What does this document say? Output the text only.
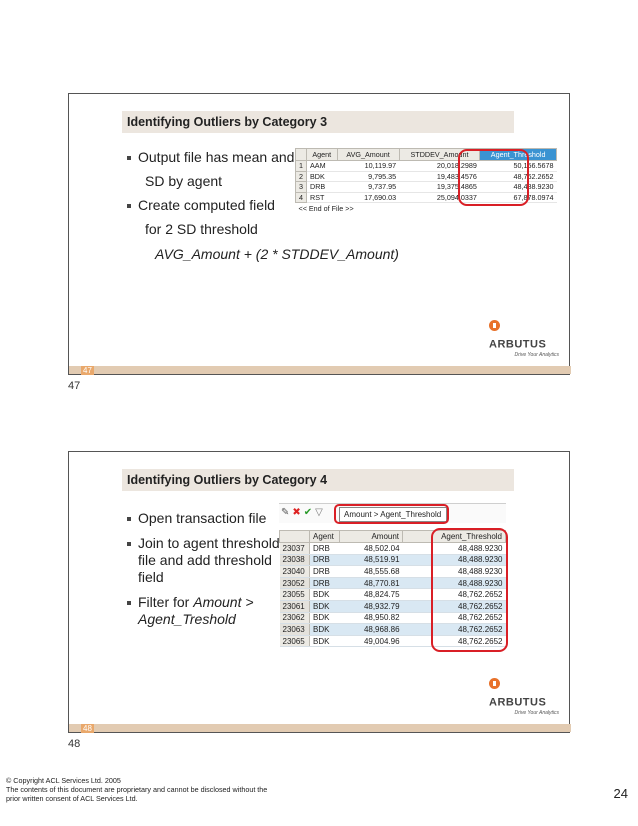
Identifying Outliers by Category 3
Output file has mean and
SD by agent
Create computed field
for 2 SD threshold
AVG_Amount + (2 * STDDEV_Amount)
	Agent	AVG_Amount	STDDEV_Amount	Agent_Threshold
1	AAM	10,119.97	20,018.2989	50,156.5678
2	BDK	9,795.35	19,483.4576	48,762.2652
3	DRB	9,737.95	19,375.4865	48,488.9230
4	RST	17,690.03	25,094.0337	67,878.0974
<< End of File >>				
ARBUTUS
Drive Your Analytics
47
47
Identifying Outliers by Category 4
Open transaction file
Join to agent threshold
file and add threshold
field
Filter for Amount >
Agent_Treshold
✎ ✖ ✔ ▽	Amount > Agent_Threshold
	Agent	Amount	Agent_Threshold
23037	DRB	48,502.04	48,488.9230
23038	DRB	48,519.91	48,488.9230
23040	DRB	48,555.68	48,488.9230
23052	DRB	48,770.81	48,488.9230
23055	BDK	48,824.75	48,762.2652
23061	BDK	48,932.79	48,762.2652
23062	BDK	48,950.82	48,762.2652
23063	BDK	48,968.86	48,762.2652
23065	BDK	49,004.96	48,762.2652
ARBUTUS
Drive Your Analytics
48
48
© Copyright ACL Services Ltd. 2005
The contents of this document are proprietary and cannot be disclosed without the
prior written consent of ACL Services Ltd.	24
